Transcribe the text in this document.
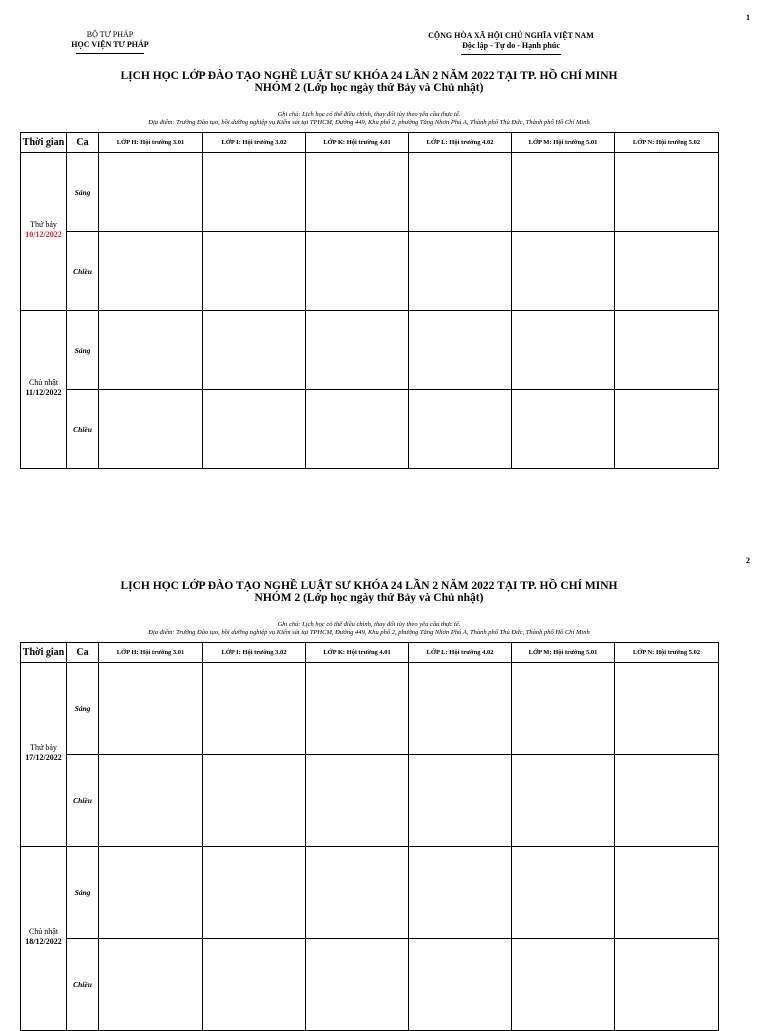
1
BỘ TƯ PHÁP
HỌC VIỆN TƯ PHÁP
CỘNG HÒA XÃ HỘI CHỦ NGHĨA VIỆT NAM
Độc lập - Tự do - Hạnh phúc
LỊCH HỌC LỚP ĐÀO TẠO NGHỀ LUẬT SƯ KHÓA 24 LẦN 2 NĂM 2022 TẠI TP. HỒ CHÍ MINH
NHÓM 2 (Lớp học ngày thứ Bảy và Chủ nhật)
Ghi chú: Lịch học có thể điều chỉnh, thay đổi tùy theo yêu cầu thực tế.
Địa điểm: Trường Đào tạo, bồi dưỡng nghiệp vụ Kiểm sát tại TPHCM, Đường 449, Khu phố 2, phường Tăng Nhơn Phú A, Thành phố Thủ Đức, Thành phố Hồ Chí Minh
Thời gian	Ca	LỚP H: Hội trường 3.01	LỚP I: Hội trường 3.02	LỚP K: Hội trường 4.01	LỚP L: Hội trường 4.02	LỚP M: Hội trường 5.01	LỚP N: Hội trường 5.02

Thứ bảy
10/12/2022	Sáng						
	Chiều						

Chủ nhật
11/12/2022	Sáng						
	Chiều						
2
LỊCH HỌC LỚP ĐÀO TẠO NGHỀ LUẬT SƯ KHÓA 24 LẦN 2 NĂM 2022 TẠI TP. HỒ CHÍ MINH
NHÓM 2 (Lớp học ngày thứ Bảy và Chủ nhật)
Ghi chú: Lịch học có thể điều chỉnh, thay đổi tùy theo yêu cầu thực tế.
Địa điểm: Trường Đào tạo, bồi dưỡng nghiệp vụ Kiểm sát tại TPHCM, Đường 449, Khu phố 2, phường Tăng Nhơn Phú A, Thành phố Thủ Đức, Thành phố Hồ Chí Minh
Thời gian	Ca	LỚP H: Hội trường 3.01	LỚP I: Hội trường 3.02	LỚP K: Hội trường 4.01	LỚP L: Hội trường 4.02	LỚP M: Hội trường 5.01	LỚP N: Hội trường 5.02

Thứ bảy
17/12/2022	Sáng						
	Chiều						

Chủ nhật
18/12/2022	Sáng						
	Chiều						
